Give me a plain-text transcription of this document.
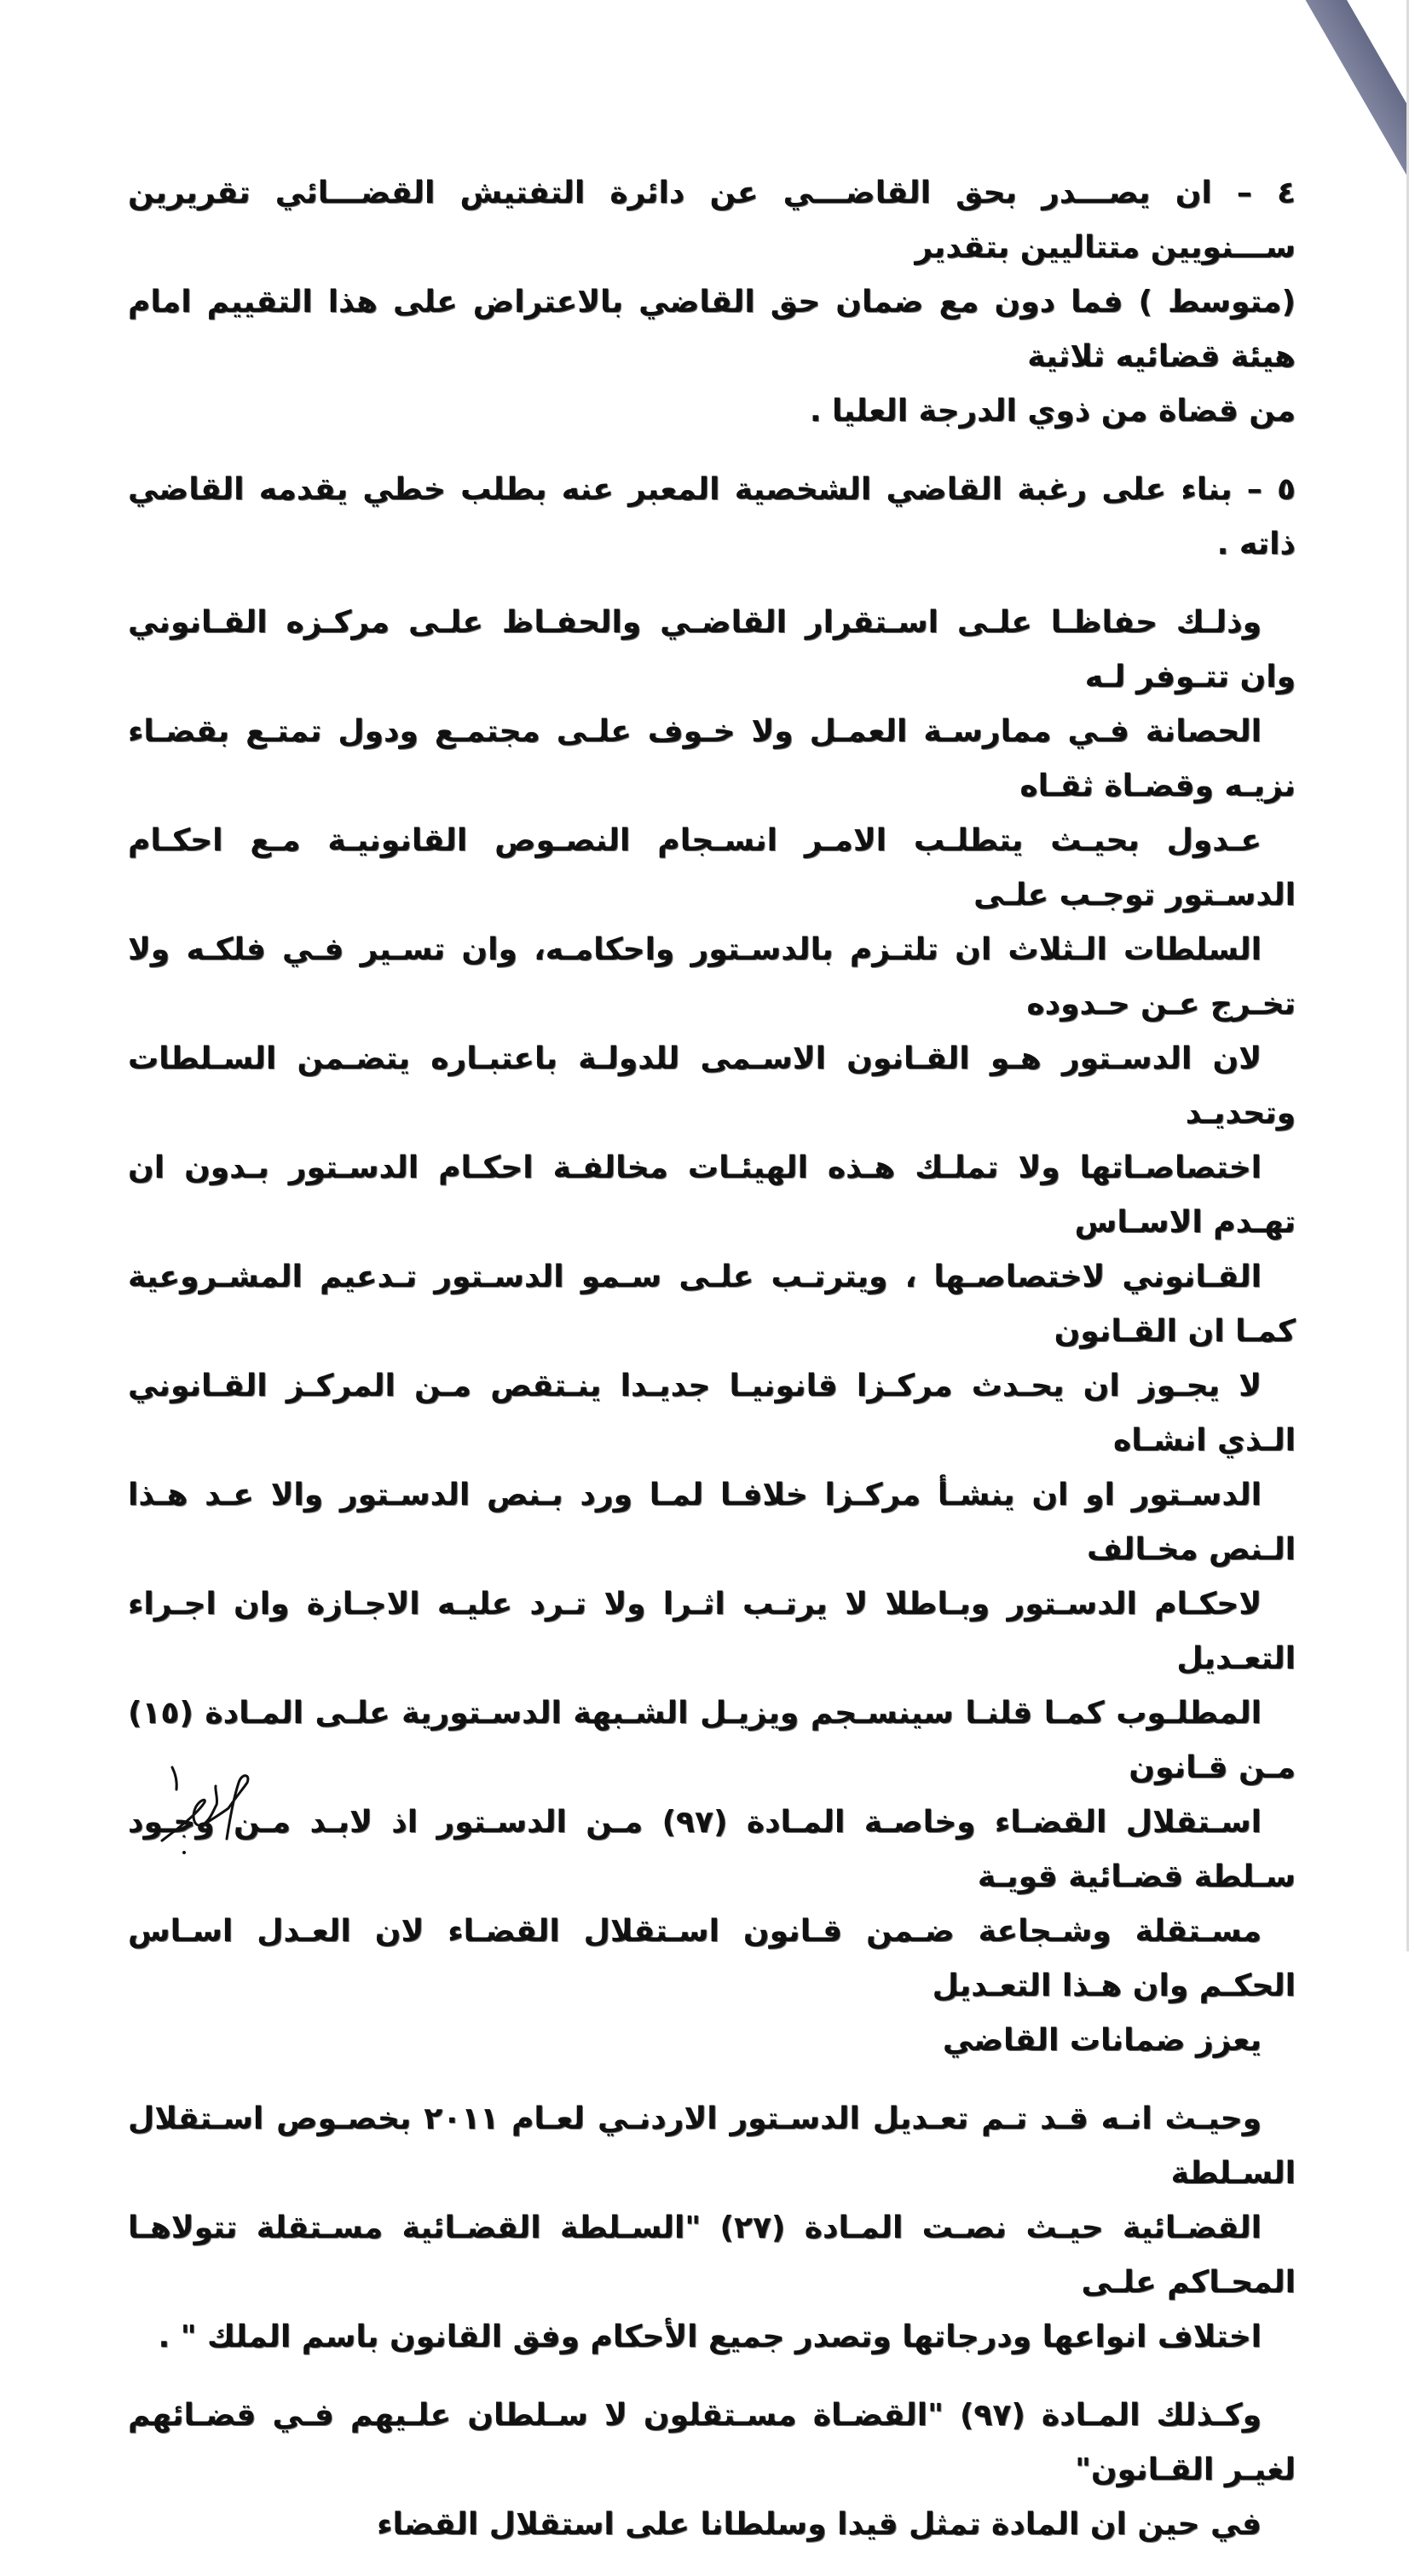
٤ – ان يصـــدر بحق القاضـــي عن دائرة التفتيش القضـــائي تقريرين ســـنويين متتاليين بتقدير
(متوسط ) فما دون مع ضمان حق القاضي بالاعتراض على هذا التقييم امام هيئة قضائيه ثلاثية
من قضاة من ذوي الدرجة العليا .

٥ – بناء على رغبة القاضي الشخصية المعبر عنه بطلب خطي يقدمه القاضي ذاته .

وذلـك حفاظـا علـى اسـتقرار القاضـي والحفـاظ علـى مركـزه القـانوني وان تتـوفر لـه
الحصانة فـي ممارسـة العمـل ولا خـوف علـى مجتمـع ودول تمتـع بقضـاء نزيـه وقضـاة ثقـاه
عـدول بحيـث يتطلـب الامـر انسـجام النصـوص القانونيـة مـع احكـام الدسـتور توجـب علـى
السلطات الـثلاث ان تلتـزم بالدسـتور واحكامـه، وان تسـير فـي فلكـه ولا تخـرج عـن حـدوده
لان الدسـتور هـو القـانون الاسـمى للدولـة باعتبـاره يتضـمن السـلطات وتحديـد
اختصاصـاتها ولا تملـك هـذه الهيئـات مخالفـة احكـام الدسـتور بـدون ان تهـدم الاسـاس
القـانوني لاختصاصـها ، ويترتـب علـى سـمو الدسـتور تـدعيم المشـروعية كمـا ان القـانون
لا يجـوز ان يحـدث مركـزا قانونيـا جديـدا ينـتقص مـن المركـز القـانوني الـذي انشـاه
الدسـتور او ان ينشـأ مركـزا خلافـا لمـا ورد بـنص الدسـتور والا عـد هـذا الـنص مخـالف
لاحكـام الدسـتور وبـاطلا لا يرتـب اثـرا ولا تـرد عليـه الاجـازة وان اجـراء التعـديل
المطلـوب كمـا قلنـا سينسـجم ويزيـل الشـبهة الدسـتورية علـى المـادة (١٥) مـن قـانون
اسـتقلال القضـاء وخاصـة المـادة (٩٧) مـن الدسـتور اذ لابـد مـن وجـود سـلطة قضـائية قويـة
مسـتقلة وشـجاعة ضـمن قـانون اسـتقلال القضـاء لان العـدل اسـاس الحكـم وان هـذا التعـديل
يعزز ضمانات القاضي

وحيـث انـه قـد تـم تعـديل الدسـتور الاردنـي لعـام ٢٠١١ بخصـوص اسـتقلال السـلطة
القضـائية حيـث نصـت المـادة (٢٧) "السـلطة القضـائية مسـتقلة تتولاهـا المحـاكم علـى
اختلاف انواعها ودرجاتها وتصدر جميع الأحكام وفق القانون باسم الملك " .

وكـذلك المـادة (٩٧) "القضـاة مسـتقلون لا سـلطان علـيهم فـي قضـائهم لغيـر القـانون"
في حين ان المادة تمثل قيدا وسلطانا على استقلال القضاء
